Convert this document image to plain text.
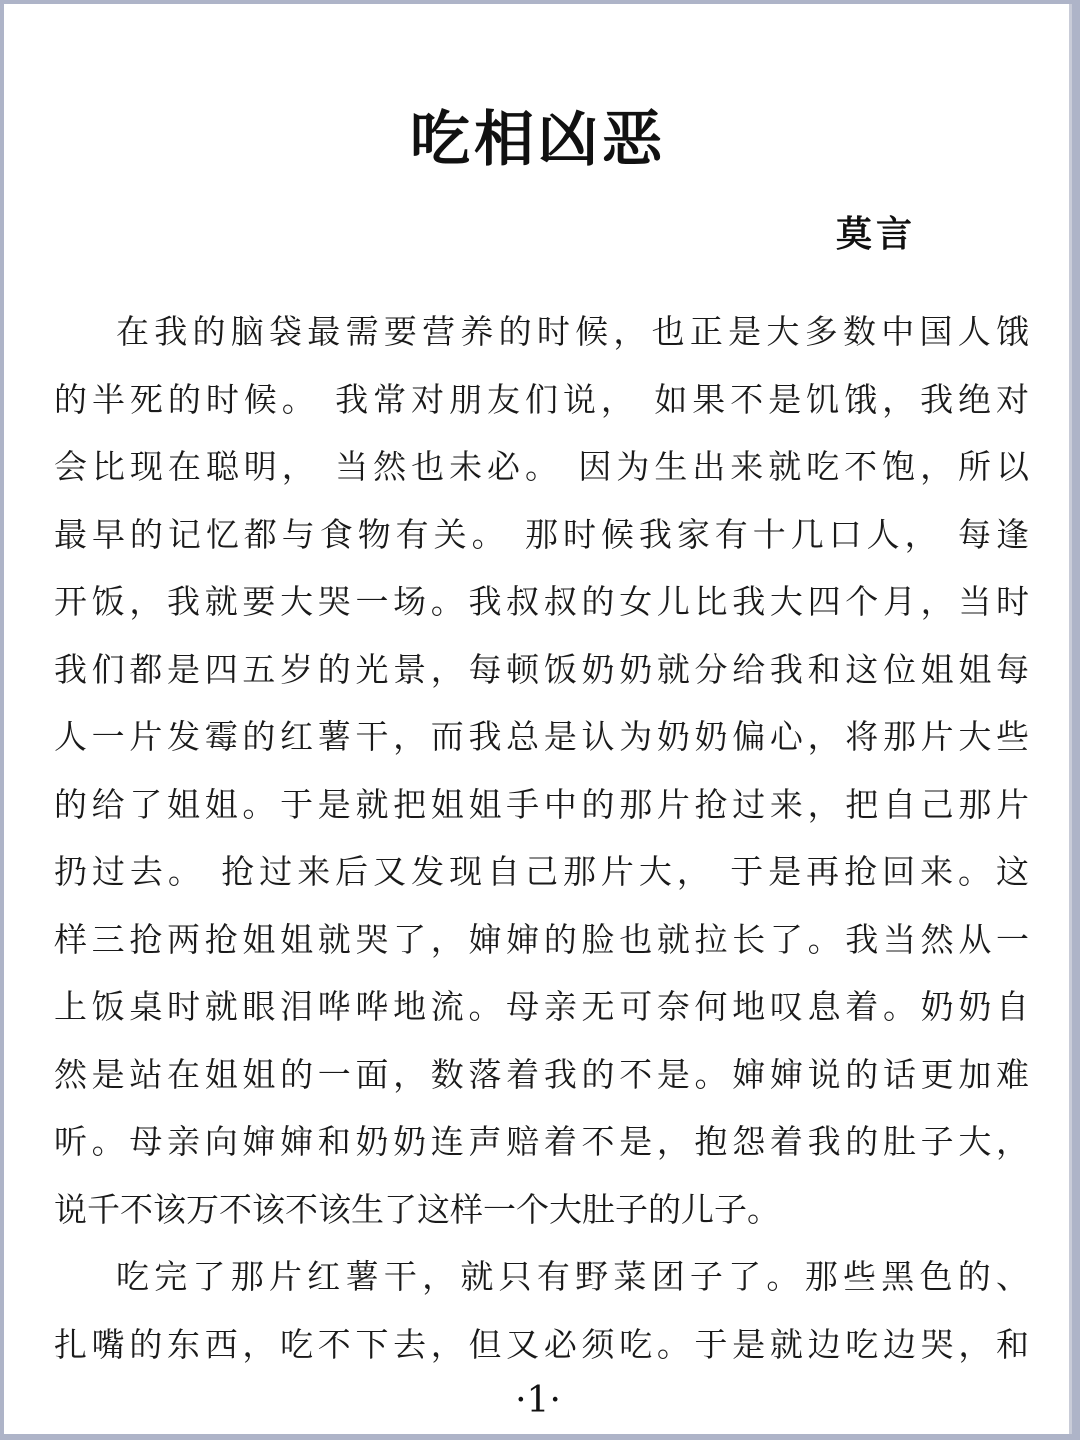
吃相凶恶
莫言
在我的脑袋最需要营养的时候，也正是大多数中国人饿
的半死的时候。 我常对朋友们说， 如果不是饥饿，我绝对
会比现在聪明， 当然也未必。 因为生出来就吃不饱，所以
最早的记忆都与食物有关。 那时候我家有十几口人， 每逢
开饭，我就要大哭一场。我叔叔的女儿比我大四个月，当时
我们都是四五岁的光景，每顿饭奶奶就分给我和这位姐姐每
人一片发霉的红薯干，而我总是认为奶奶偏心，将那片大些
的给了姐姐。于是就把姐姐手中的那片抢过来，把自己那片
扔过去。 抢过来后又发现自己那片大， 于是再抢回来。这
样三抢两抢姐姐就哭了，婶婶的脸也就拉长了。我当然从一
上饭桌时就眼泪哗哗地流。母亲无可奈何地叹息着。奶奶自
然是站在姐姐的一面，数落着我的不是。婶婶说的话更加难
听。母亲向婶婶和奶奶连声赔着不是，抱怨着我的肚子大，
说千不该万不该不该生了这样一个大肚子的儿子。
吃完了那片红薯干，就只有野菜团子了。那些黑色的、
扎嘴的东西，吃不下去，但又必须吃。于是就边吃边哭，和
·1·
